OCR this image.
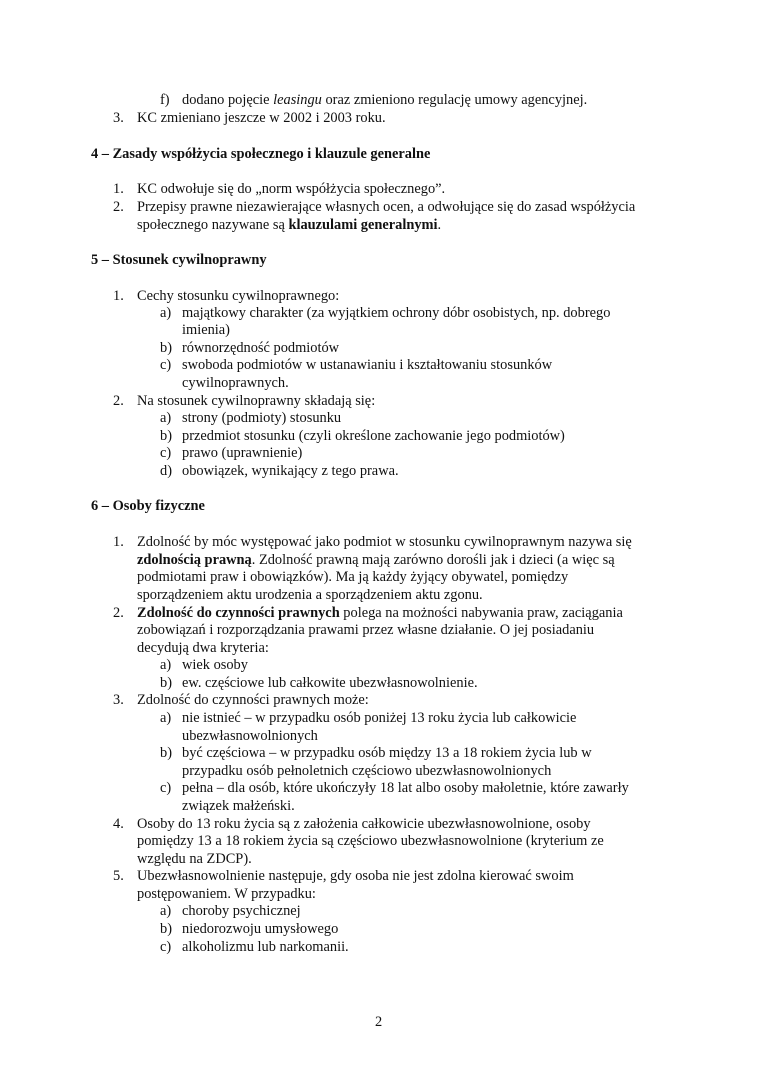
f) dodano pojęcie leasingu oraz zmieniono regulację umowy agencyjnej.
3. KC zmieniano jeszcze w 2002 i 2003 roku.
4 – Zasady współżycia społecznego i klauzule generalne
1. KC odwołuje się do „norm współżycia społecznego”.
2. Przepisy prawne niezawierające własnych ocen, a odwołujące się do zasad współżycia
społecznego nazywane są klauzulami generalnymi.
5 – Stosunek cywilnoprawny
1. Cechy stosunku cywilnoprawnego:
a) majątkowy charakter (za wyjątkiem ochrony dóbr osobistych, np. dobrego
imienia)
b) równorzędność podmiotów
c) swoboda podmiotów w ustanawianiu i kształtowaniu stosunków
cywilnoprawnych.
2. Na stosunek cywilnoprawny składają się:
a) strony (podmioty) stosunku
b) przedmiot stosunku (czyli określone zachowanie jego podmiotów)
c) prawo (uprawnienie)
d) obowiązek, wynikający z tego prawa.
6 – Osoby fizyczne
1. Zdolność by móc występować jako podmiot w stosunku cywilnoprawnym nazywa się
zdolnością prawną. Zdolność prawną mają zarówno dorośli jak i dzieci (a więc są
podmiotami praw i obowiązków). Ma ją każdy żyjący obywatel, pomiędzy
sporządzeniem aktu urodzenia a sporządzeniem aktu zgonu.
2. Zdolność do czynności prawnych polega na możności nabywania praw, zaciągania
zobowiązań i rozporządzania prawami przez własne działanie. O jej posiadaniu
decydują dwa kryteria:
a) wiek osoby
b) ew. częściowe lub całkowite ubezwłasnowolnienie.
3. Zdolność do czynności prawnych może:
a) nie istnieć – w przypadku osób poniżej 13 roku życia lub całkowicie
ubezwłasnowolnionych
b) być częściowa – w przypadku osób między 13 a 18 rokiem życia lub w
przypadku osób pełnoletnich częściowo ubezwłasnowolnionych
c) pełna – dla osób, które ukończyły 18 lat albo osoby małoletnie, które zawarły
związek małżeński.
4. Osoby do 13 roku życia są z założenia całkowicie ubezwłasnowolnione, osoby
pomiędzy 13 a 18 rokiem życia są częściowo ubezwłasnowolnione (kryterium ze
względu na ZDCP).
5. Ubezwłasnowolnienie następuje, gdy osoba nie jest zdolna kierować swoim
postępowaniem. W przypadku:
a) choroby psychicznej
b) niedorozwoju umysłowego
c) alkoholizmu lub narkomanii.
2
